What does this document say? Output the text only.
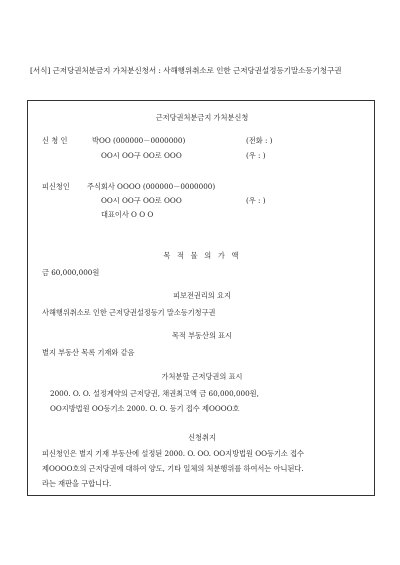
[서식] 근저당권처분금지 가처분신청서 : 사해행위취소로 인한 근저당권설정등기말소등기청구권
근저당권처분금지 가처분신청
신 청 인	박OO (000000－0000000)	(전화 : )
OO시 OO구 OO로 OOO	(우 : )
피신청인 주식회사 OOOO (000000－0000000)
OO시 OO구 OO로 OOO	(우 : )
대표이사 O O O
목 적 물 의 가 액
금 60,000,000원
피보전권리의 요지
사해행위취소로 인한 근저당권설정등기 말소등기청구권
목적 부동산의 표시
별지 부동산 목록 기재와 같음
가처분할 근저당권의 표시
2000. O. O. 설정계약의 근저당권, 채권최고액 금 60,000,000원,
OO지방법원 OO등기소 2000. O. O. 등기 접수 제OOOO호
신청취지
피신청인은 별지 기재 부동산에 설정된 2000. O. OO. OO지방법원 OO등기소 접수
제OOOO호의 근저당권에 대하여 양도, 기타 일체의 처분행위를 하여서는 아니된다.
라는 재판을 구합니다.
